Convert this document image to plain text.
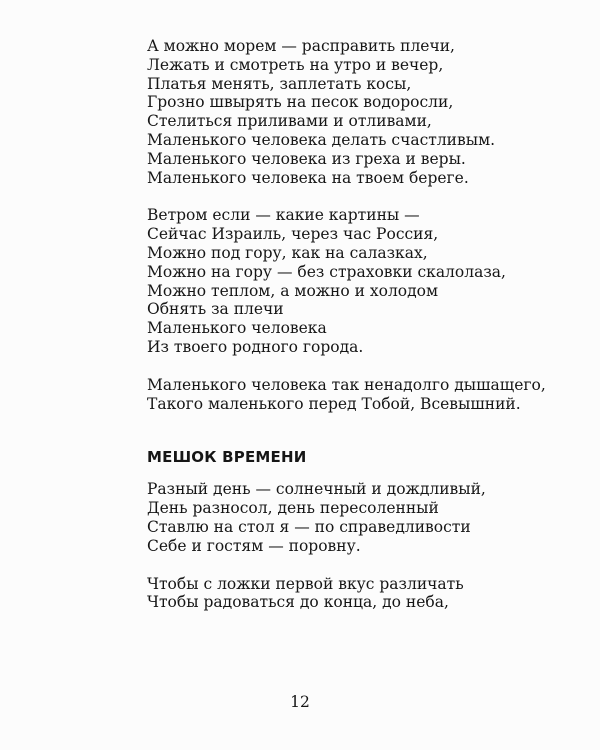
А можно морем — расправить плечи,
Лежать и смотреть на утро и вечер,
Платья менять, заплетать косы,
Грозно швырять на песок водоросли,
Стелиться приливами и отливами,
Маленького человека делать счастливым.
Маленького человека из греха и веры.
Маленького человека на твоем береге.
Ветром если — какие картины —
Сейчас Израиль, через час Россия,
Можно под гору, как на салазках,
Можно на гору — без страховки скалолаза,
Можно теплом, а можно и холодом
Обнять за плечи
Маленького человека
Из твоего родного города.
Маленького человека так ненадолго дышащего,
Такого маленького перед Тобой, Всевышний.
МЕШОК ВРЕМЕНИ
Разный день — солнечный и дождливый,
День разносол, день пересоленный
Ставлю на стол я — по справедливости
Себе и гостям — поровну.
Чтобы с ложки первой вкус различать
Чтобы радоваться до конца, до неба,
12
